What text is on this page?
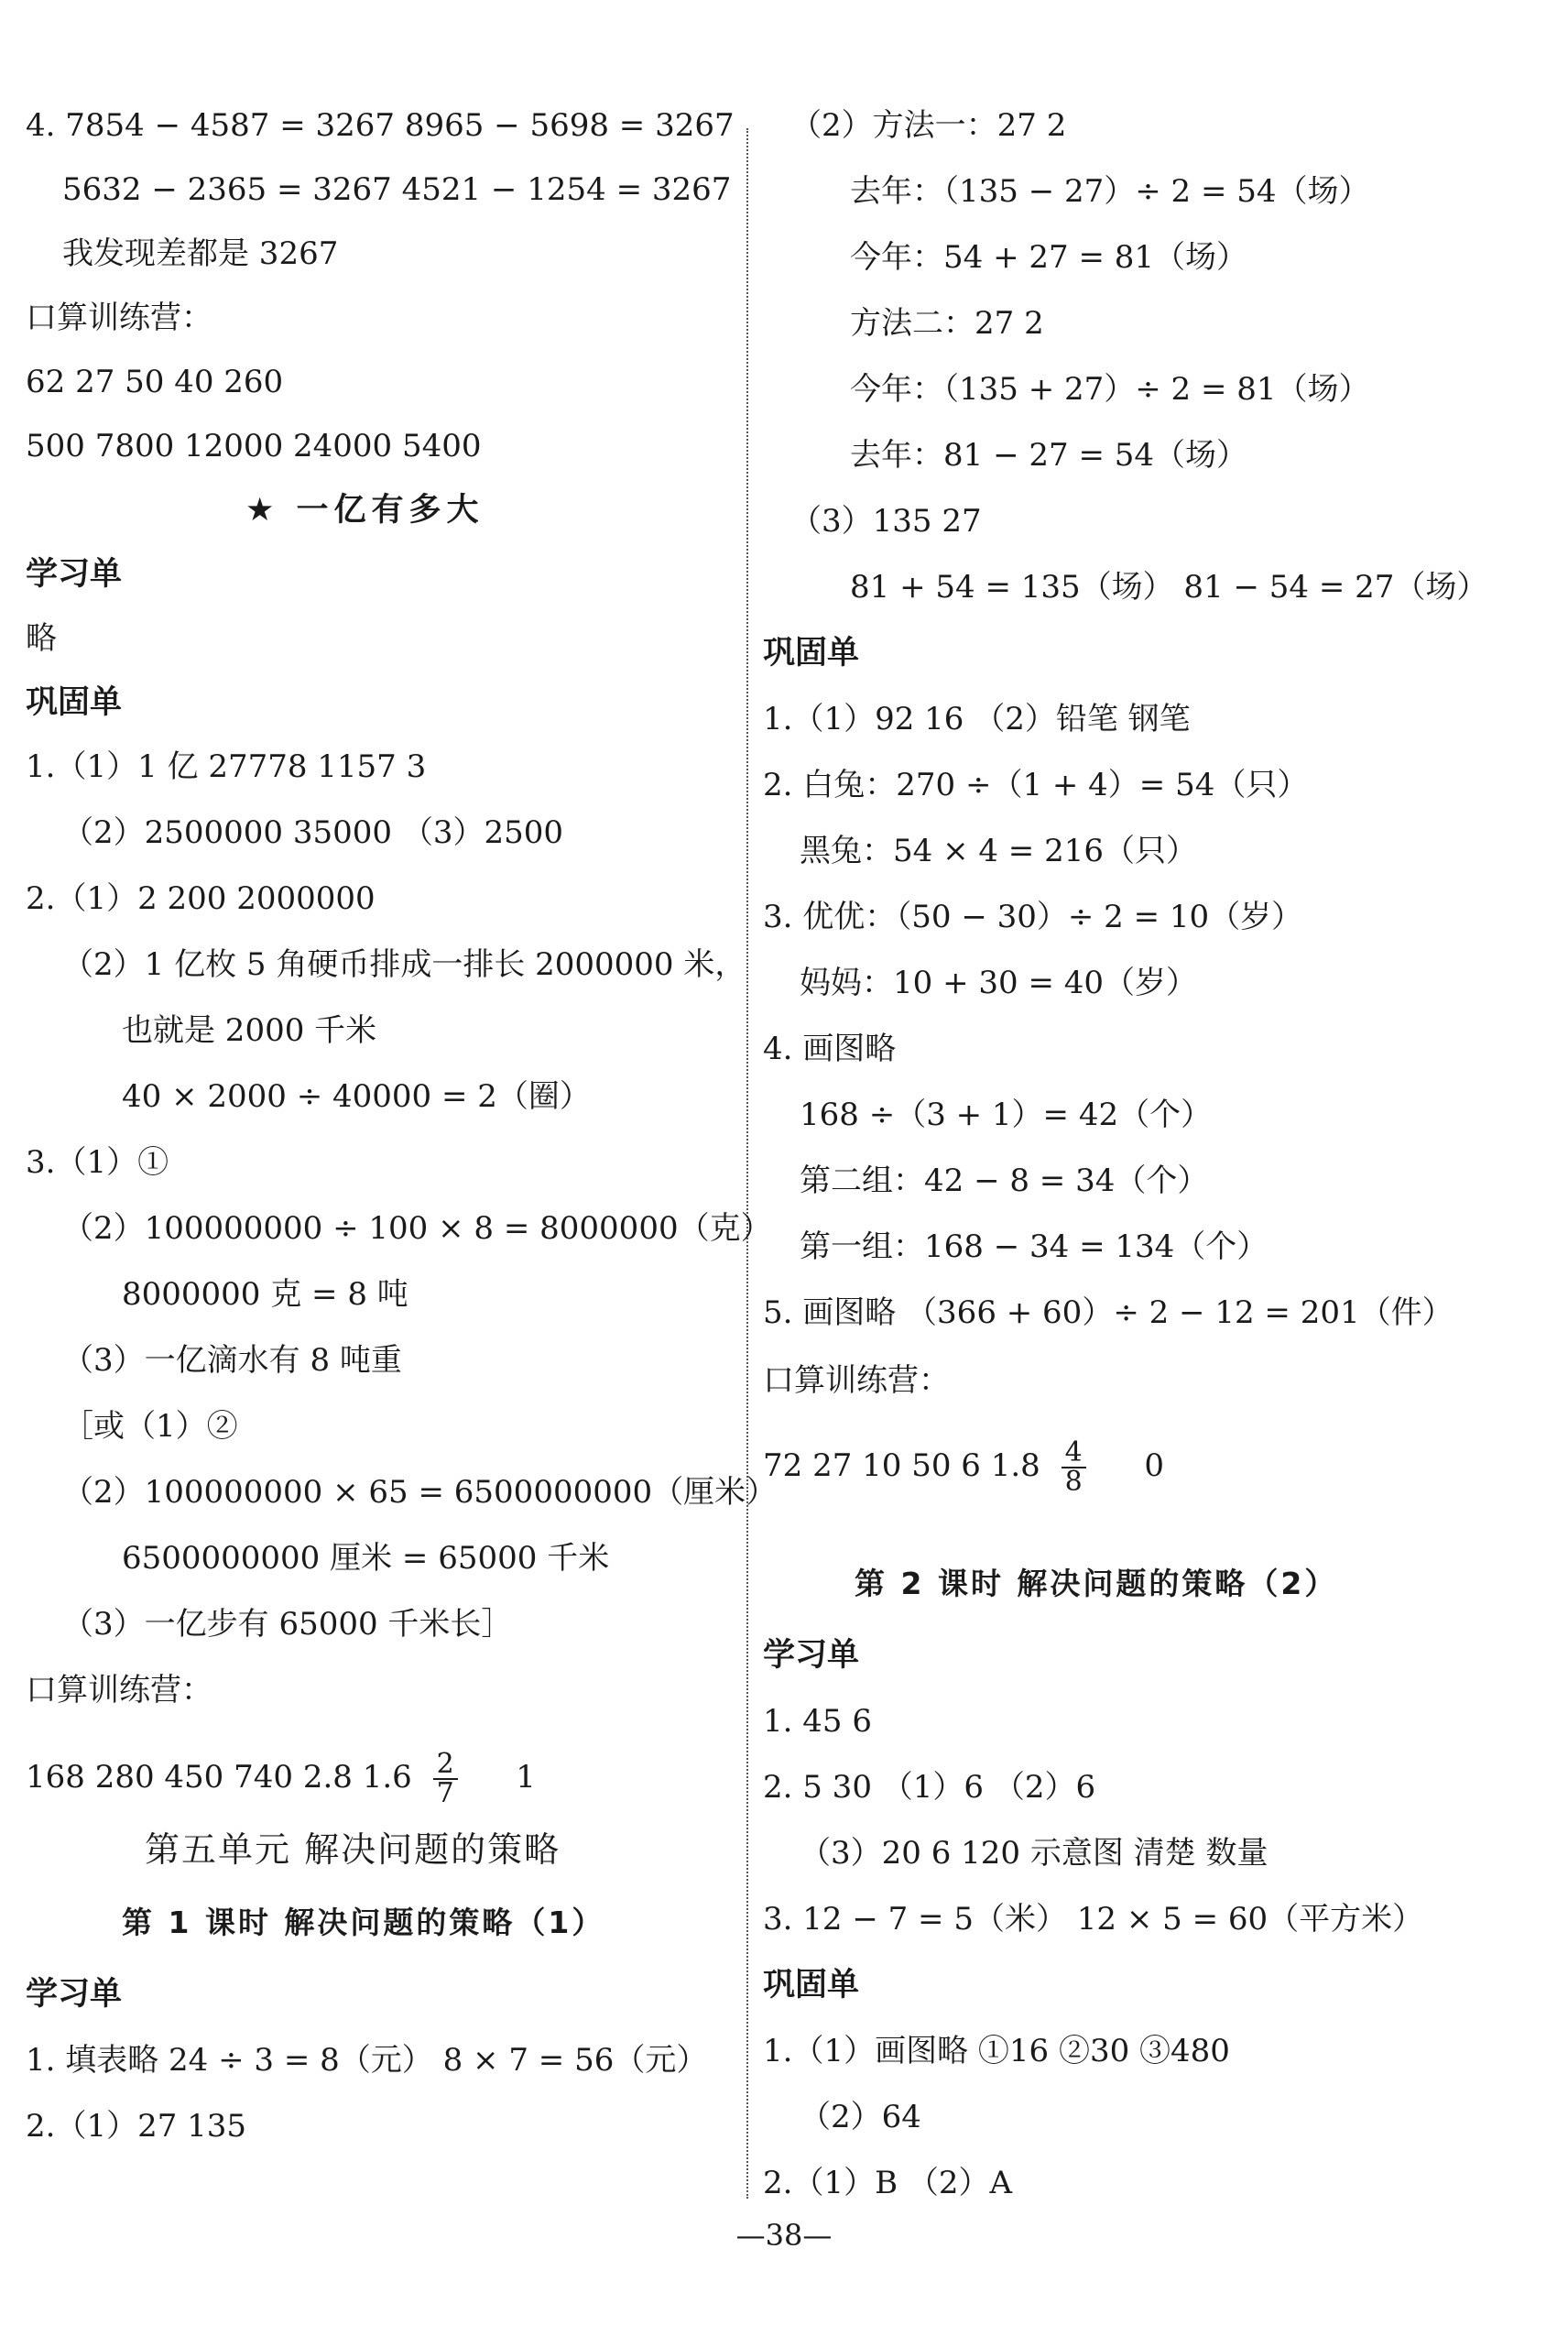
4. 7854 − 4587 = 3267 8965 − 5698 = 3267
5632 − 2365 = 3267 4521 − 1254 = 3267
我发现差都是 3267
口算训练营：
62 27 50 40 260
500 7800 12000 24000 5400
★ 一亿有多大
学习单
略
巩固单
1.（1）1 亿 27778 1157 3
（2）2500000 35000 （3）2500
2.（1）2 200 2000000
（2）1 亿枚 5 角硬币排成一排长 2000000 米，
也就是 2000 千米
40 × 2000 ÷ 40000 = 2（圈）
3.（1）①
（2）100000000 ÷ 100 × 8 = 8000000（克）
8000000 克 = 8 吨
（3）一亿滴水有 8 吨重
［或（1）②
（2）100000000 × 65 = 6500000000（厘米）
6500000000 厘米 = 65000 千米
（3）一亿步有 65000 千米长］
口算训练营：
168 280 450 740 2.8 $1.6 \frac{2}{7} 1$
第五单元 解决问题的策略
第 1 课时 解决问题的策略（1）
学习单
1. 填表略 24 ÷ 3 = 8（元） 8 × 7 = 56（元）
2.（1）27 135
（2）方法一：27 2
去年：（135 − 27）÷ 2 = 54（场）
今年：54 + 27 = 81（场）
方法二：27 2
今年：（135 + 27）÷ 2 = 81（场）
去年：81 − 27 = 54（场）
（3）135 27
81 + 54 = 135（场） 81 − 54 = 27（场）
巩固单
1.（1）92 16 （2）铅笔 钢笔
2. 白兔：270 ÷（1 + 4）= 54（只）
黑兔：54 × 4 = 216（只）
3. 优优：（50 − 30）÷ 2 = 10（岁）
妈妈：10 + 30 = 40（岁）
4. 画图略
168 ÷（3 + 1）= 42（个）
第二组：42 − 8 = 34（个）
第一组：168 − 34 = 134（个）
5. 画图略 （366 + 60）÷ 2 − 12 = 201（件）
口算训练营：
72 27 10 50 6 $1.8 \frac{4}{8} 0$
第 2 课时 解决问题的策略（2）
学习单
1. 45 6
2. 5 30 （1）6 （2）6
（3）20 6 120 示意图 清楚 数量
3. 12 − 7 = 5（米） 12 × 5 = 60（平方米）
巩固单
1.（1）画图略 ①16 ②30 ③480
（2）64
2.（1）B （2）A
—38—
